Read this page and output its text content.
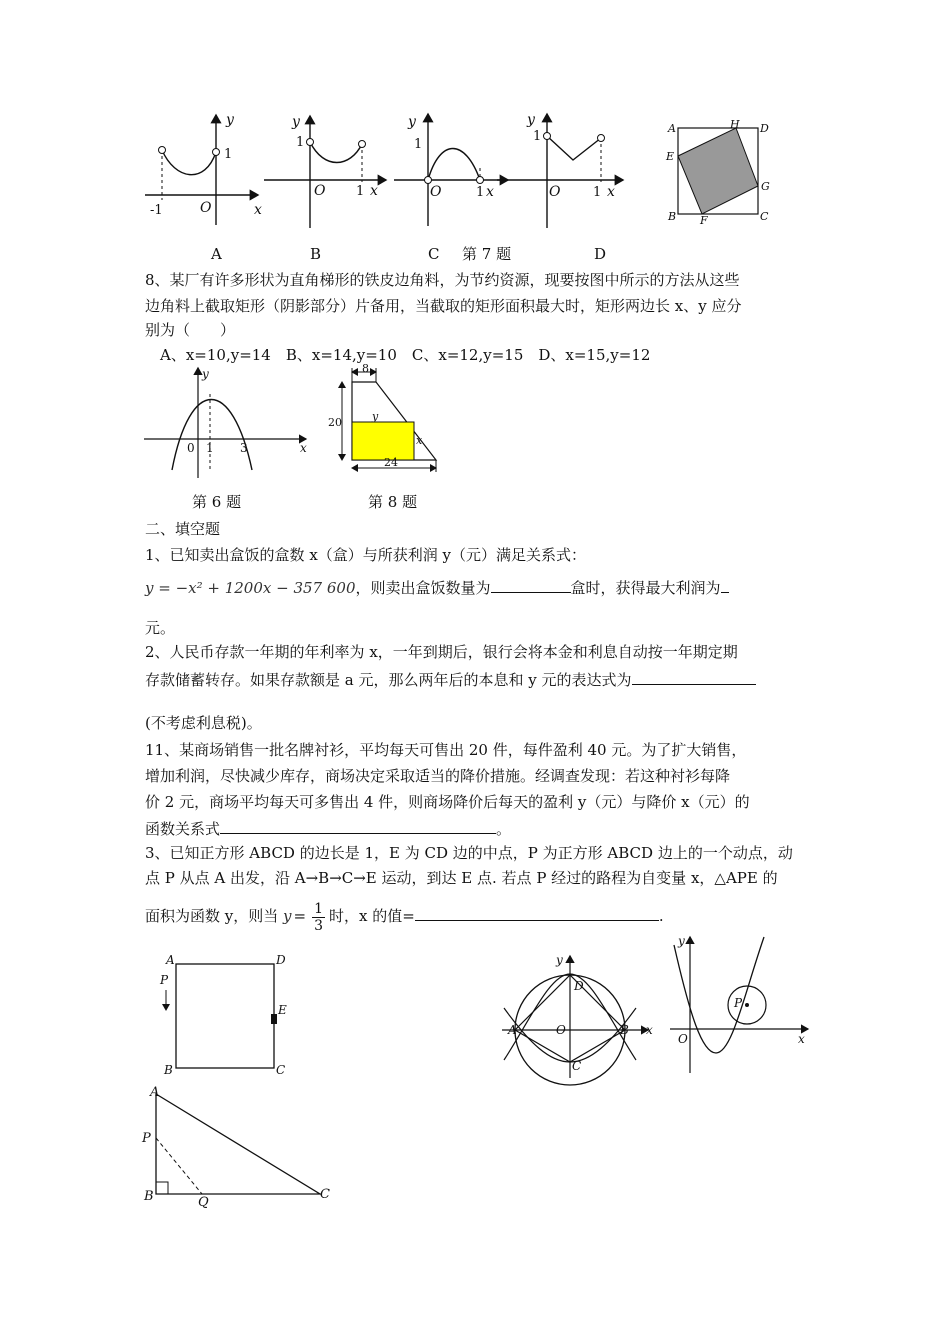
x
y
O
-1
1
x
y
O 1
1
x
y
O	1
1
x
y
O	1
1
A	H D
E
G
B F	C
A	B	C 第 7 题	D
8、某厂有许多形状为直角梯形的铁皮边角料，为节约资源，现要按图中所示的方法从这些
边角料上截取矩形（阴影部分）片备用，当截取的矩形面积最大时，矩形两边长 x、y 应分
别为（　　）
A、x=10,y=14　B、x=14,y=10　C、x=12,y=15　D、x=15,y=12
y
x
0 1 3
8
20	y
x
24
第 6 题	第 8 题
二、填空题
1、已知卖出盒饭的盒数 x（盒）与所获利润 y（元）满足关系式：
y = −x² + 1200x − 357 600，则卖出盒饭数量为	盒时，获得最大利润为
元。
2、人民币存款一年期的年利率为 x，一年到期后，银行会将本金和利息自动按一年期定期
存款储蓄转存。如果存款额是 a 元，那么两年后的本息和 y 元的表达式为
(不考虑利息税)。
11、某商场销售一批名牌衬衫，平均每天可售出 20 件，每件盈利 40 元。为了扩大销售，
增加利润，尽快减少库存，商场决定采取适当的降价措施。经调查发现：若这种衬衫每降
价 2 元，商场平均每天可多售出 4 件，则商场降价后每天的盈利 y（元）与降价 x（元）的
函数关系式	。
3、已知正方形 ABCD 的边长是 1，E 为 CD 边的中点，P 为正方形 ABCD 边上的一个动点，动
点 P 从点 A 出发，沿 A→B→C→E 运动，到达 E 点. 若点 P 经过的路程为自变量 x，△APE 的
面积为函数 y，则当 $y = \frac{1}{3}$ 时，x 的值=	.
A	D
P
E
B	C
y
D
A	O	B x
C
y
O
P
x
A
P
B	Q
C
